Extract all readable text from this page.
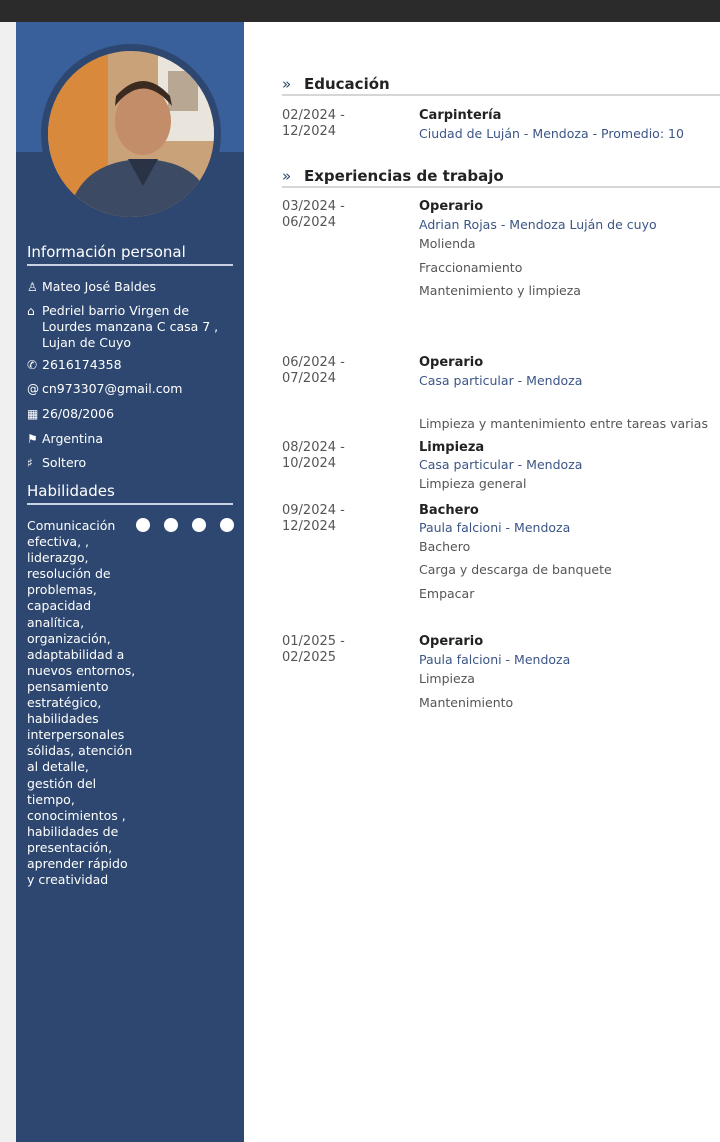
Información personal
♙ Mateo José Baldes
⌂ Pedriel barrio Virgen de Lourdes manzana C casa 7 , Lujan de Cuyo
✆ 2616174358
@ cn973307@gmail.com
▦ 26/08/2006
⚑ Argentina
♯ Soltero
Habilidades
Comunicación efectiva, , liderazgo, resolución de problemas, capacidad analítica, organización, adaptabilidad a nuevos entornos, pensamiento estratégico, habilidades interpersonales sólidas, atención al detalle, gestión del tiempo, conocimientos , habilidades de presentación, aprender rápido y creatividad
» Educación
02/2024 -
12/2024
Carpintería
Ciudad de Luján - Mendoza - Promedio: 10
» Experiencias de trabajo
03/2024 -
06/2024
Operario
Adrian Rojas - Mendoza Luján de cuyo
Molienda
Fraccionamiento
Mantenimiento y limpieza
06/2024 -
07/2024
Operario
Casa particular - Mendoza
Limpieza y mantenimiento entre tareas varias
08/2024 -
10/2024
Limpieza
Casa particular - Mendoza
Limpieza general
09/2024 -
12/2024
Bachero
Paula falcioni - Mendoza
Bachero
Carga y descarga de banquete
Empacar
01/2025 -
02/2025
Operario
Paula falcioni - Mendoza
Limpieza
Mantenimiento
